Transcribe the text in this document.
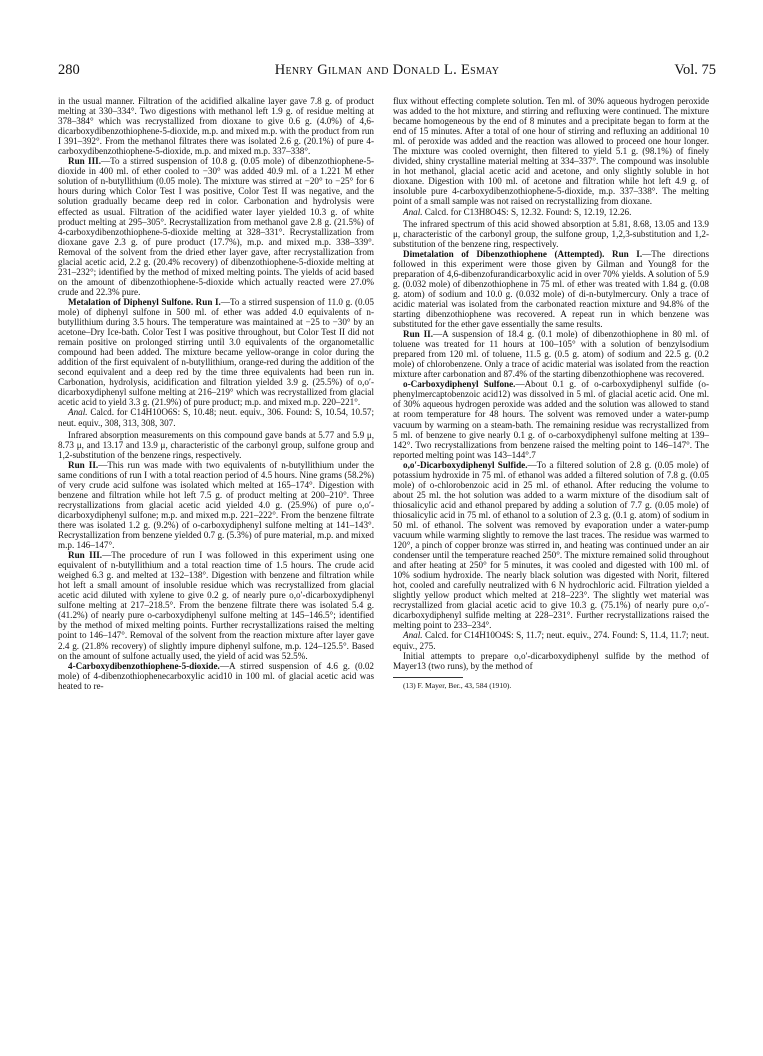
280	Henry Gilman and Donald L. Esmay	Vol. 75

in the usual manner. Filtration of the acidified alkaline layer gave 7.8 g. of product melting at 330–334°. Two digestions with methanol left 1.9 g. of residue melting at 378–384° which was recrystallized from dioxane to give 0.6 g. (4.0%) of 4,6-dicarboxydibenzothiophene-5-dioxide, m.p. and mixed m.p. with the product from run I 391–392°. From the methanol filtrates there was isolated 2.6 g. (20.1%) of pure 4-carboxydibenzothiophene-5-dioxide, m.p. and mixed m.p. 337–338°.

Run III.—To a stirred suspension of 10.8 g. (0.05 mole) of dibenzothiophene-5-dioxide in 400 ml. of ether cooled to −30° was added 40.9 ml. of a 1.221 M ether solution of n-butyllithium (0.05 mole). The mixture was stirred at −20° to −25° for 6 hours during which Color Test I was positive, Color Test II was negative, and the solution gradually became deep red in color. Carbonation and hydrolysis were effected as usual. Filtration of the acidified water layer yielded 10.3 g. of white product melting at 295–305°. Recrystallization from methanol gave 2.8 g. (21.5%) of 4-carboxydibenzothiophene-5-dioxide melting at 328–331°. Recrystallization from dioxane gave 2.3 g. of pure product (17.7%), m.p. and mixed m.p. 338–339°. Removal of the solvent from the dried ether layer gave, after recrystallization from glacial acetic acid, 2.2 g. (20.4% recovery) of dibenzothiophene-5-dioxide melting at 231–232°; identified by the method of mixed melting points. The yields of acid based on the amount of dibenzothiophene-5-dioxide which actually reacted were 27.0% crude and 22.3% pure.

Metalation of Diphenyl Sulfone. Run I.—To a stirred suspension of 11.0 g. (0.05 mole) of diphenyl sulfone in 500 ml. of ether was added 4.0 equivalents of n-butyllithium during 3.5 hours. The temperature was maintained at −25 to −30° by an acetone–Dry Ice-bath. Color Test I was positive throughout, but Color Test II did not remain positive on prolonged stirring until 3.0 equivalents of the organometallic compound had been added. The mixture became yellow-orange in color during the addition of the first equivalent of n-butyllithium, orange-red during the addition of the second equivalent and a deep red by the time three equivalents had been run in. Carbonation, hydrolysis, acidification and filtration yielded 3.9 g. (25.5%) of o,o′-dicarboxydiphenyl sulfone melting at 216–219° which was recrystallized from glacial acetic acid to yield 3.3 g. (21.9%) of pure product; m.p. and mixed m.p. 220–221°.

Anal. Calcd. for C14H10O6S: S, 10.48; neut. equiv., 306. Found: S, 10.54, 10.57; neut. equiv., 308, 313, 308, 307.

Infrared absorption measurements on this compound gave bands at 5.77 and 5.9 μ, 8.73 μ, and 13.17 and 13.9 μ, characteristic of the carbonyl group, sulfone group and 1,2-substitution of the benzene rings, respectively.

Run II.—This run was made with two equivalents of n-butyllithium under the same conditions of run I with a total reaction period of 4.5 hours. Nine grams (58.2%) of very crude acid sulfone was isolated which melted at 165–174°. Digestion with benzene and filtration while hot left 7.5 g. of product melting at 200–210°. Three recrystallizations from glacial acetic acid yielded 4.0 g. (25.9%) of pure o,o′-dicarboxydiphenyl sulfone; m.p. and mixed m.p. 221–222°. From the benzene filtrate there was isolated 1.2 g. (9.2%) of o-carboxydiphenyl sulfone melting at 141–143°. Recrystallization from benzene yielded 0.7 g. (5.3%) of pure material, m.p. and mixed m.p. 146–147°.

Run III.—The procedure of run I was followed in this experiment using one equivalent of n-butyllithium and a total reaction time of 1.5 hours. The crude acid weighed 6.3 g. and melted at 132–138°. Digestion with benzene and filtration while hot left a small amount of insoluble residue which was recrystallized from glacial acetic acid diluted with xylene to give 0.2 g. of nearly pure o,o′-dicarboxydiphenyl sulfone melting at 217–218.5°. From the benzene filtrate there was isolated 5.4 g. (41.2%) of nearly pure o-carboxydiphenyl sulfone melting at 145–146.5°; identified by the method of mixed melting points. Further recrystallizations raised the melting point to 146–147°. Removal of the solvent from the reaction mixture after layer gave 2.4 g. (21.8% recovery) of slightly impure diphenyl sulfone, m.p. 124–125.5°. Based on the amount of sulfone actually used, the yield of acid was 52.5%.

4-Carboxydibenzothiophene-5-dioxide.—A stirred suspension of 4.6 g. (0.02 mole) of 4-dibenzothiophenecarboxylic acid10 in 100 ml. of glacial acetic acid was heated to re-

flux without effecting complete solution. Ten ml. of 30% aqueous hydrogen peroxide was added to the hot mixture, and stirring and refluxing were continued. The mixture became homogeneous by the end of 8 minutes and a precipitate began to form at the end of 15 minutes. After a total of one hour of stirring and refluxing an additional 10 ml. of peroxide was added and the reaction was allowed to proceed one hour longer. The mixture was cooled overnight, then filtered to yield 5.1 g. (98.1%) of finely divided, shiny crystalline material melting at 334–337°. The compound was insoluble in hot methanol, glacial acetic acid and acetone, and only slightly soluble in hot dioxane. Digestion with 100 ml. of acetone and filtration while hot left 4.9 g. of insoluble pure 4-carboxydibenzothiophene-5-dioxide, m.p. 337–338°. The melting point of a small sample was not raised on recrystallizing from dioxane.

Anal. Calcd. for C13H8O4S: S, 12.32. Found: S, 12.19, 12.26.

The infrared spectrum of this acid showed absorption at 5.81, 8.68, 13.05 and 13.9 μ, characteristic of the carbonyl group, the sulfone group, 1,2,3-substitution and 1,2-substitution of the benzene ring, respectively.

Dimetalation of Dibenzothiophene (Attempted). Run I.—The directions followed in this experiment were those given by Gilman and Young8 for the preparation of 4,6-dibenzofurandicarboxylic acid in over 70% yields. A solution of 5.9 g. (0.032 mole) of dibenzothiophene in 75 ml. of ether was treated with 1.84 g. (0.08 g. atom) of sodium and 10.0 g. (0.032 mole) of di-n-butylmercury. Only a trace of acidic material was isolated from the carbonated reaction mixture and 94.8% of the starting dibenzothiophene was recovered. A repeat run in which benzene was substituted for the ether gave essentially the same results.

Run II.—A suspension of 18.4 g. (0.1 mole) of dibenzothiophene in 80 ml. of toluene was treated for 11 hours at 100–105° with a solution of benzylsodium prepared from 120 ml. of toluene, 11.5 g. (0.5 g. atom) of sodium and 22.5 g. (0.2 mole) of chlorobenzene. Only a trace of acidic material was isolated from the reaction mixture after carbonation and 87.4% of the starting dibenzothiophene was recovered.

o-Carboxydiphenyl Sulfone.—About 0.1 g. of o-carboxydiphenyl sulfide (o-phenylmercaptobenzoic acid12) was dissolved in 5 ml. of glacial acetic acid. One ml. of 30% aqueous hydrogen peroxide was added and the solution was allowed to stand at room temperature for 48 hours. The solvent was removed under a water-pump vacuum by warming on a steam-bath. The remaining residue was recrystallized from 5 ml. of benzene to give nearly 0.1 g. of o-carboxydiphenyl sulfone melting at 139–142°. Two recrystallizations from benzene raised the melting point to 146–147°. The reported melting point was 143–144°.7

o,o′-Dicarboxydiphenyl Sulfide.—To a filtered solution of 2.8 g. (0.05 mole) of potassium hydroxide in 75 ml. of ethanol was added a filtered solution of 7.8 g. (0.05 mole) of o-chlorobenzoic acid in 25 ml. of ethanol. After reducing the volume to about 25 ml. the hot solution was added to a warm mixture of the disodium salt of thiosalicylic acid and ethanol prepared by adding a solution of 7.7 g. (0.05 mole) of thiosalicylic acid in 75 ml. of ethanol to a solution of 2.3 g. (0.1 g. atom) of sodium in 50 ml. of ethanol. The solvent was removed by evaporation under a water-pump vacuum while warming slightly to remove the last traces. The residue was warmed to 120°, a pinch of copper bronze was stirred in, and heating was continued under an air condenser until the temperature reached 250°. The mixture remained solid throughout and after heating at 250° for 5 minutes, it was cooled and digested with 100 ml. of 10% sodium hydroxide. The nearly black solution was digested with Norit, filtered hot, cooled and carefully neutralized with 6 N hydrochloric acid. Filtration yielded a slightly yellow product which melted at 218–223°. The slightly wet material was recrystallized from glacial acetic acid to give 10.3 g. (75.1%) of nearly pure o,o′-dicarboxydiphenyl sulfide melting at 228–231°. Further recrystallizations raised the melting point to 233–234°.

Anal. Calcd. for C14H10O4S: S, 11.7; neut. equiv., 274. Found: S, 11.4, 11.7; neut. equiv., 275.

Initial attempts to prepare o,o′-dicarboxydiphenyl sulfide by the method of Mayer13 (two runs), by the method of

(13) F. Mayer, Ber., 43, 584 (1910).
